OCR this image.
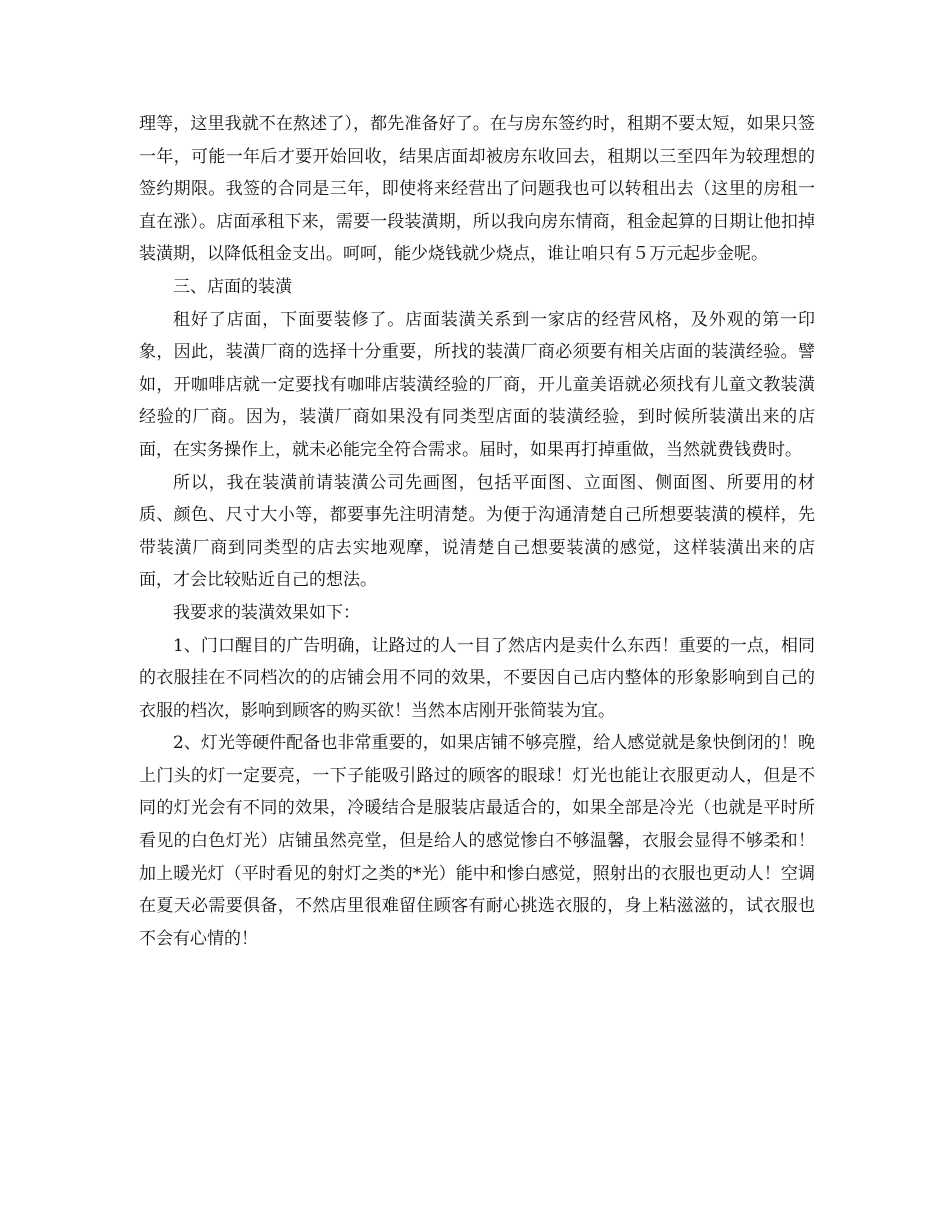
理等，这里我就不在熬述了），都先准备好了。在与房东签约时，租期不要太短，如果只签一年，可能一年后才要开始回收，结果店面却被房东收回去，租期以三至四年为较理想的签约期限。我签的合同是三年，即使将来经营出了问题我也可以转租出去（这里的房租一直在涨）。店面承租下来，需要一段装潢期，所以我向房东情商，租金起算的日期让他扣掉装潢期，以降低租金支出。呵呵，能少烧钱就少烧点，谁让咱只有５万元起步金呢。

三、店面的装潢

租好了店面，下面要装修了。店面装潢关系到一家店的经营风格，及外观的第一印象，因此，装潢厂商的选择十分重要，所找的装潢厂商必须要有相关店面的装潢经验。譬如，开咖啡店就一定要找有咖啡店装潢经验的厂商，开儿童美语就必须找有儿童文教装潢经验的厂商。因为，装潢厂商如果没有同类型店面的装潢经验，到时候所装潢出来的店面，在实务操作上，就未必能完全符合需求。届时，如果再打掉重做，当然就费钱费时。

所以，我在装潢前请装潢公司先画图，包括平面图、立面图、侧面图、所要用的材质、颜色、尺寸大小等，都要事先注明清楚。为便于沟通清楚自己所想要装潢的模样，先带装潢厂商到同类型的店去实地观摩，说清楚自己想要装潢的感觉，这样装潢出来的店面，才会比较贴近自己的想法。

我要求的装潢效果如下：

1、门口醒目的广告明确，让路过的人一目了然店内是卖什么东西！重要的一点，相同的衣服挂在不同档次的的店铺会用不同的效果，不要因自己店内整体的形象影响到自己的衣服的档次，影响到顾客的购买欲！当然本店刚开张简装为宜。

2、灯光等硬件配备也非常重要的，如果店铺不够亮膛，给人感觉就是象快倒闭的！晚上门头的灯一定要亮，一下子能吸引路过的顾客的眼球！灯光也能让衣服更动人，但是不同的灯光会有不同的效果，冷暖结合是服装店最适合的，如果全部是冷光（也就是平时所看见的白色灯光）店铺虽然亮堂，但是给人的感觉惨白不够温馨，衣服会显得不够柔和！加上暖光灯（平时看见的射灯之类的*光）能中和惨白感觉，照射出的衣服也更动人！空调在夏天必需要俱备，不然店里很难留住顾客有耐心挑选衣服的，身上粘滋滋的，试衣服也不会有心情的！
